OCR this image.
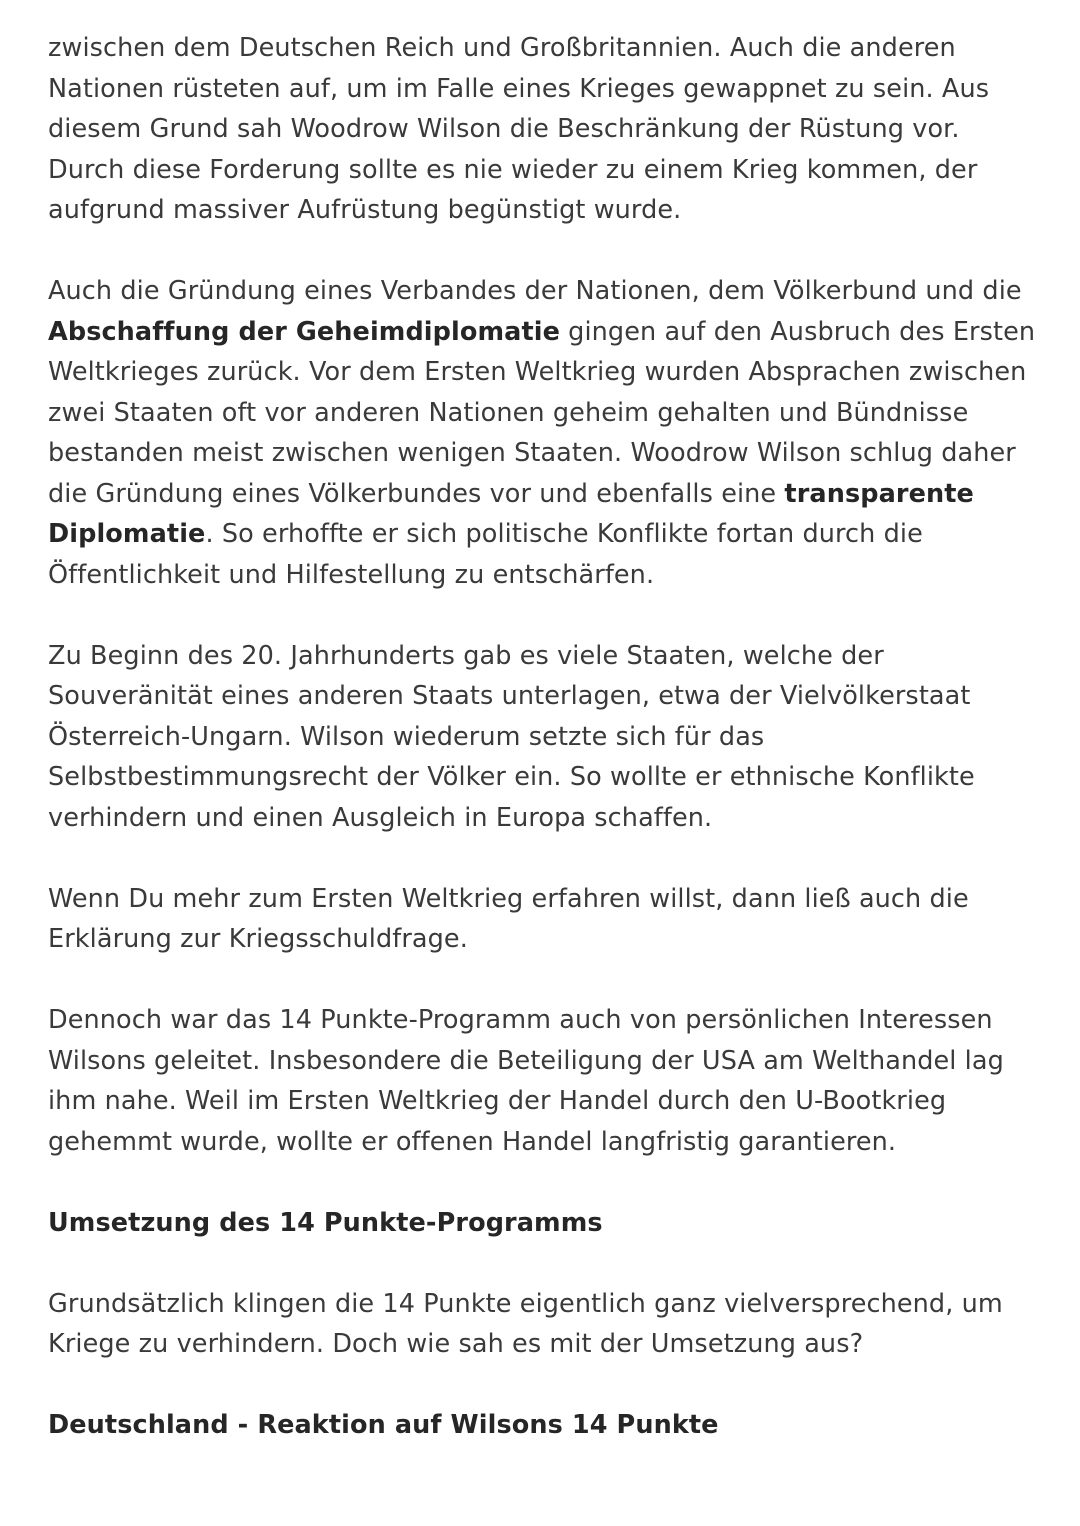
zwischen dem Deutschen Reich und Großbritannien. Auch die anderen Nationen rüsteten auf, um im Falle eines Krieges gewappnet zu sein. Aus diesem Grund sah Woodrow Wilson die Beschränkung der Rüstung vor. Durch diese Forderung sollte es nie wieder zu einem Krieg kommen, der aufgrund massiver Aufrüstung begünstigt wurde.

Auch die Gründung eines Verbandes der Nationen, dem Völkerbund und die Abschaffung der Geheimdiplomatie gingen auf den Ausbruch des Ersten Weltkrieges zurück. Vor dem Ersten Weltkrieg wurden Absprachen zwischen zwei Staaten oft vor anderen Nationen geheim gehalten und Bündnisse bestanden meist zwischen wenigen Staaten. Woodrow Wilson schlug daher die Gründung eines Völkerbundes vor und ebenfalls eine transparente Diplomatie. So erhoffte er sich politische Konflikte fortan durch die Öffentlichkeit und Hilfestellung zu entschärfen.

Zu Beginn des 20. Jahrhunderts gab es viele Staaten, welche der Souveränität eines anderen Staats unterlagen, etwa der Vielvölkerstaat Österreich-Ungarn. Wilson wiederum setzte sich für das Selbstbestimmungsrecht der Völker ein. So wollte er ethnische Konflikte verhindern und einen Ausgleich in Europa schaffen.

Wenn Du mehr zum Ersten Weltkrieg erfahren willst, dann ließ auch die Erklärung zur Kriegsschuldfrage.

Dennoch war das 14 Punkte-Programm auch von persönlichen Interessen Wilsons geleitet. Insbesondere die Beteiligung der USA am Welthandel lag ihm nahe. Weil im Ersten Weltkrieg der Handel durch den U-Bootkrieg gehemmt wurde, wollte er offenen Handel langfristig garantieren.

Umsetzung des 14 Punkte-Programms

Grundsätzlich klingen die 14 Punkte eigentlich ganz vielversprechend, um Kriege zu verhindern. Doch wie sah es mit der Umsetzung aus?

Deutschland - Reaktion auf Wilsons 14 Punkte
